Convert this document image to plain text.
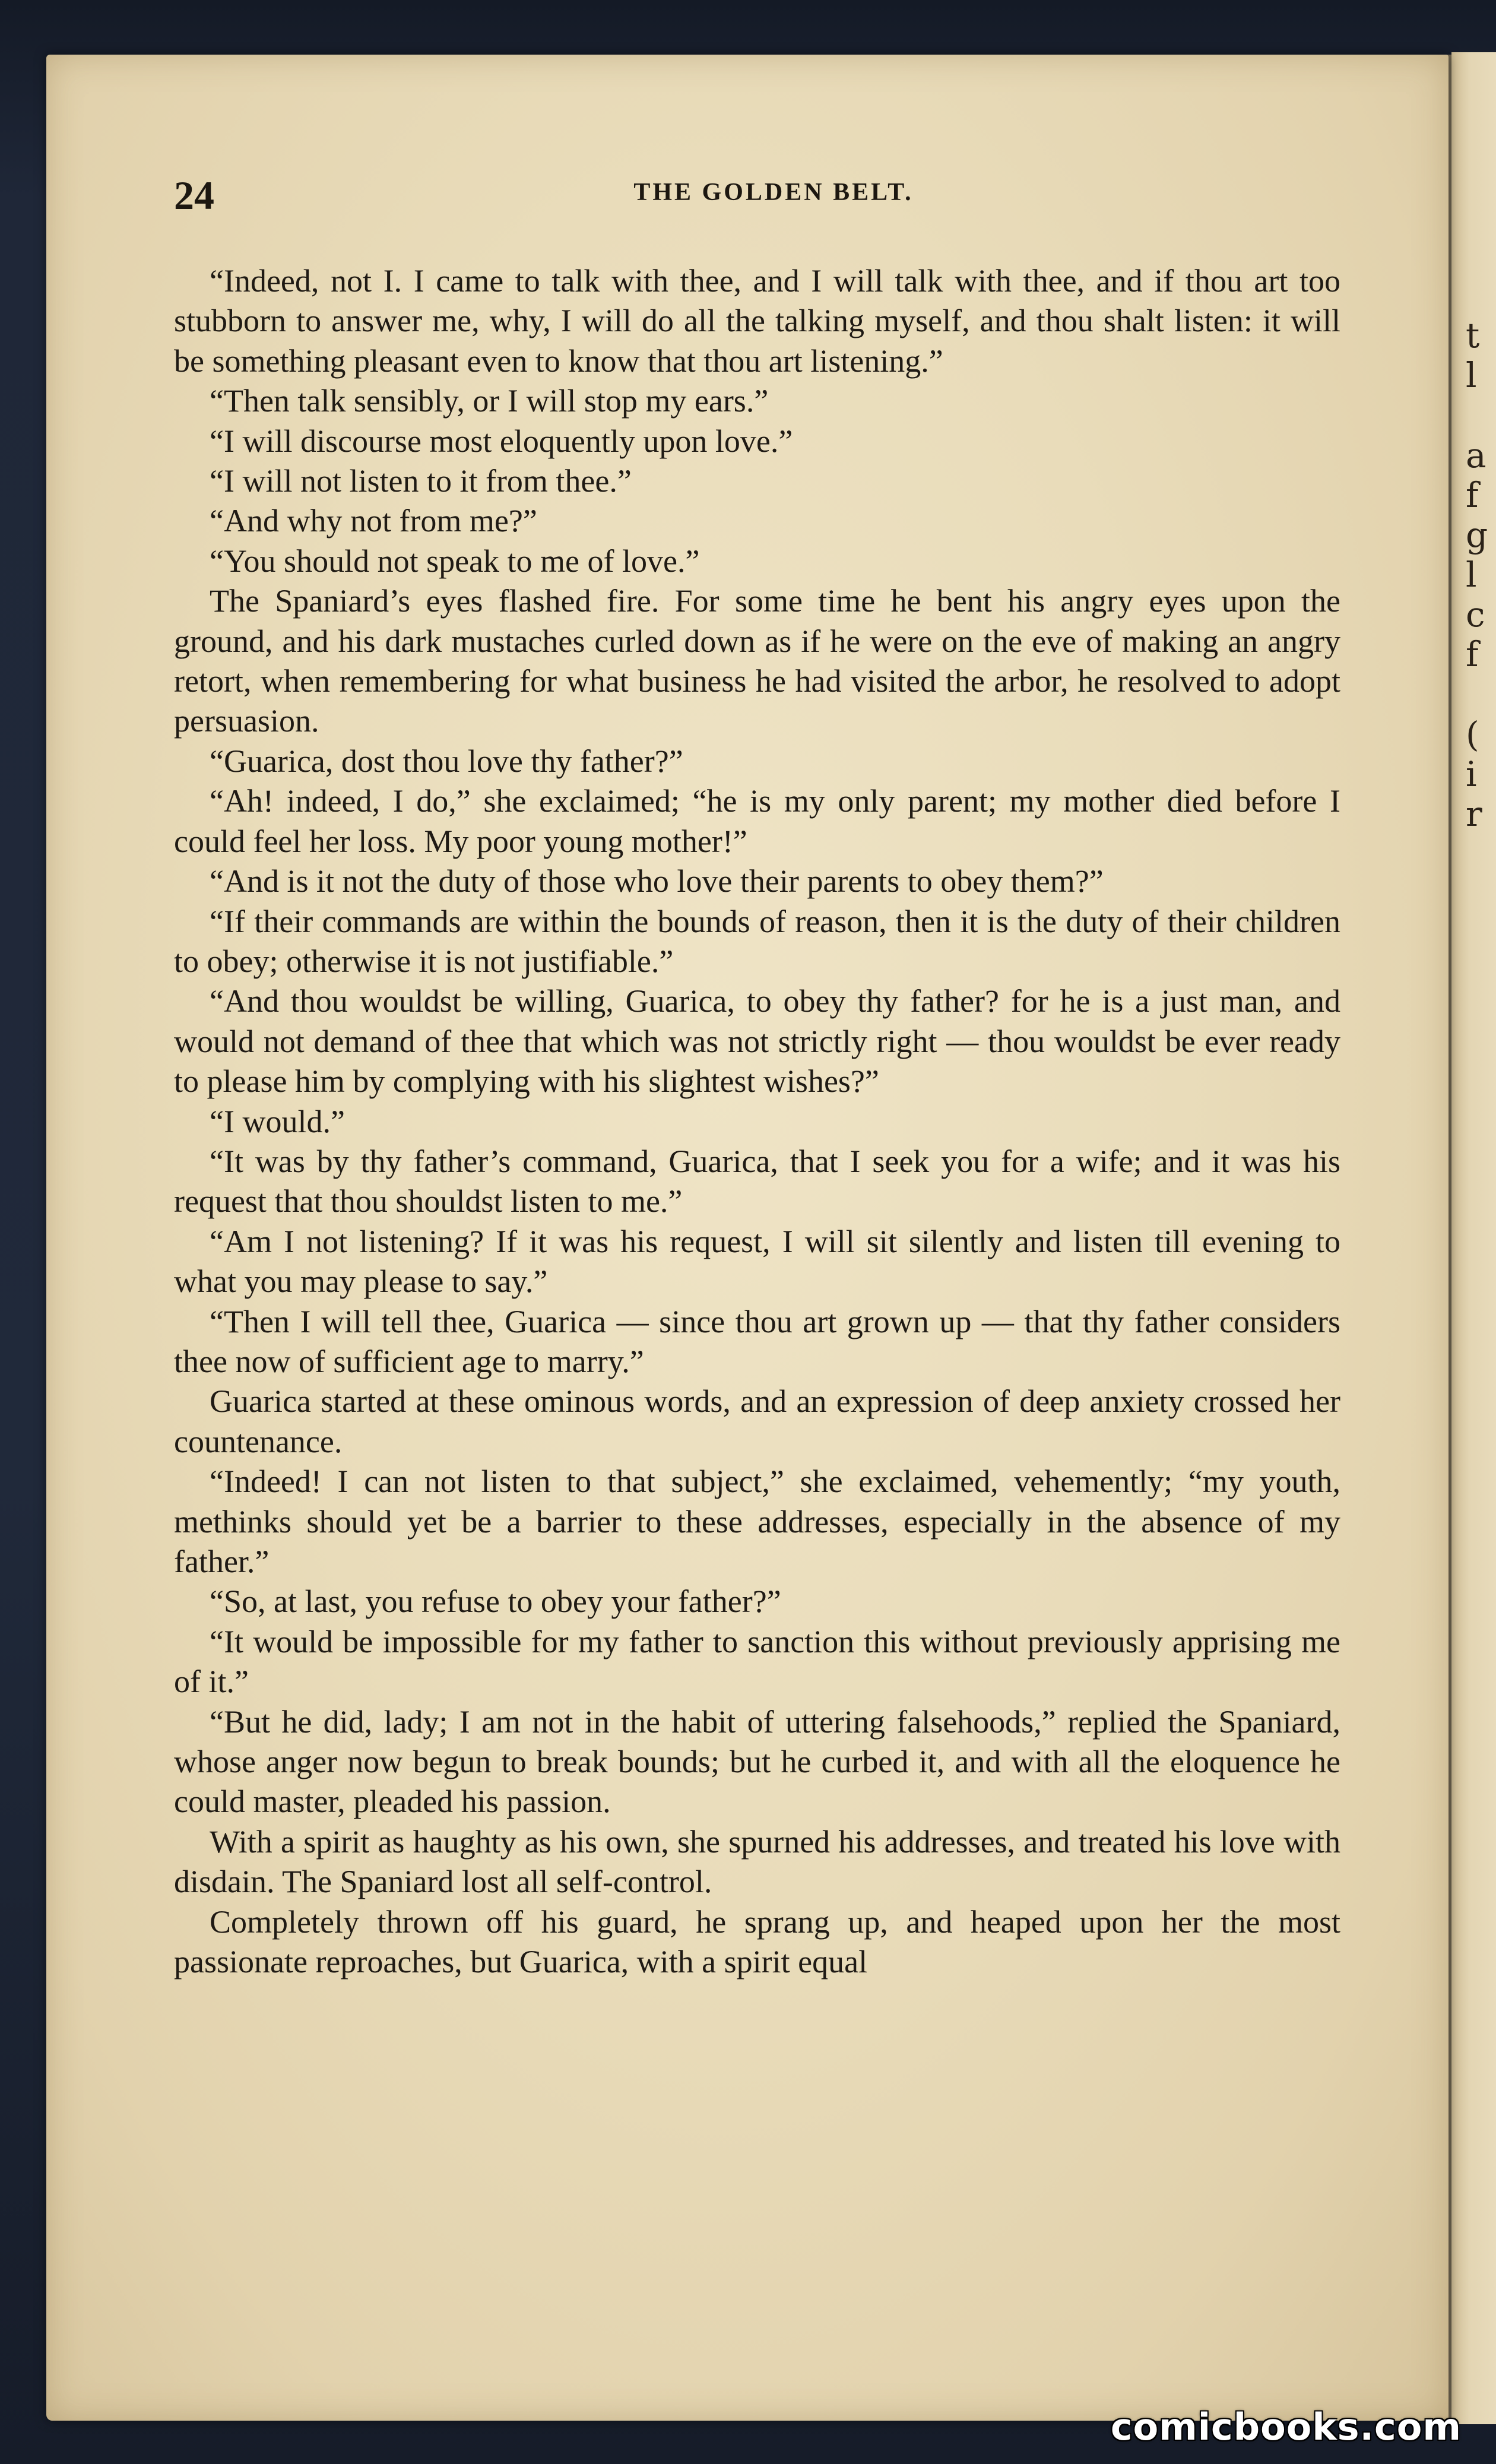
t
l
a
f
g
l
c
f
(
i
r
24	THE GOLDEN BELT.

“Indeed, not I. I came to talk with thee, and I will talk with thee, and if thou art too stubborn to answer me, why, I will do all the talking myself, and thou shalt listen: it will be something pleasant even to know that thou art listening.”

“Then talk sensibly, or I will stop my ears.”

“I will discourse most eloquently upon love.”

“I will not listen to it from thee.”

“And why not from me?”

“You should not speak to me of love.”

The Spaniard’s eyes flashed fire. For some time he bent his angry eyes upon the ground, and his dark mustaches curled down as if he were on the eve of making an angry retort, when remembering for what business he had visited the arbor, he resolved to adopt persuasion.

“Guarica, dost thou love thy father?”

“Ah! indeed, I do,” she exclaimed; “he is my only parent; my mother died before I could feel her loss. My poor young mother!”

“And is it not the duty of those who love their parents to obey them?”

“If their commands are within the bounds of reason, then it is the duty of their children to obey; otherwise it is not justifiable.”

“And thou wouldst be willing, Guarica, to obey thy father? for he is a just man, and would not demand of thee that which was not strictly right — thou wouldst be ever ready to please him by complying with his slightest wishes?”

“I would.”

“It was by thy father’s command, Guarica, that I seek you for a wife; and it was his request that thou shouldst listen to me.”

“Am I not listening? If it was his request, I will sit silently and listen till evening to what you may please to say.”

“Then I will tell thee, Guarica — since thou art grown up — that thy father considers thee now of sufficient age to marry.”

Guarica started at these ominous words, and an expression of deep anxiety crossed her countenance.

“Indeed! I can not listen to that subject,” she exclaimed, vehemently; “my youth, methinks should yet be a barrier to these addresses, especially in the absence of my father.”

“So, at last, you refuse to obey your father?”

“It would be impossible for my father to sanction this without previously apprising me of it.”

“But he did, lady; I am not in the habit of uttering falsehoods,” replied the Spaniard, whose anger now begun to break bounds; but he curbed it, and with all the eloquence he could master, pleaded his passion.

With a spirit as haughty as his own, she spurned his addresses, and treated his love with disdain. The Spaniard lost all self-control.

Completely thrown off his guard, he sprang up, and heaped upon her the most passionate reproaches, but Guarica, with a spirit equal

comicbooks.com
